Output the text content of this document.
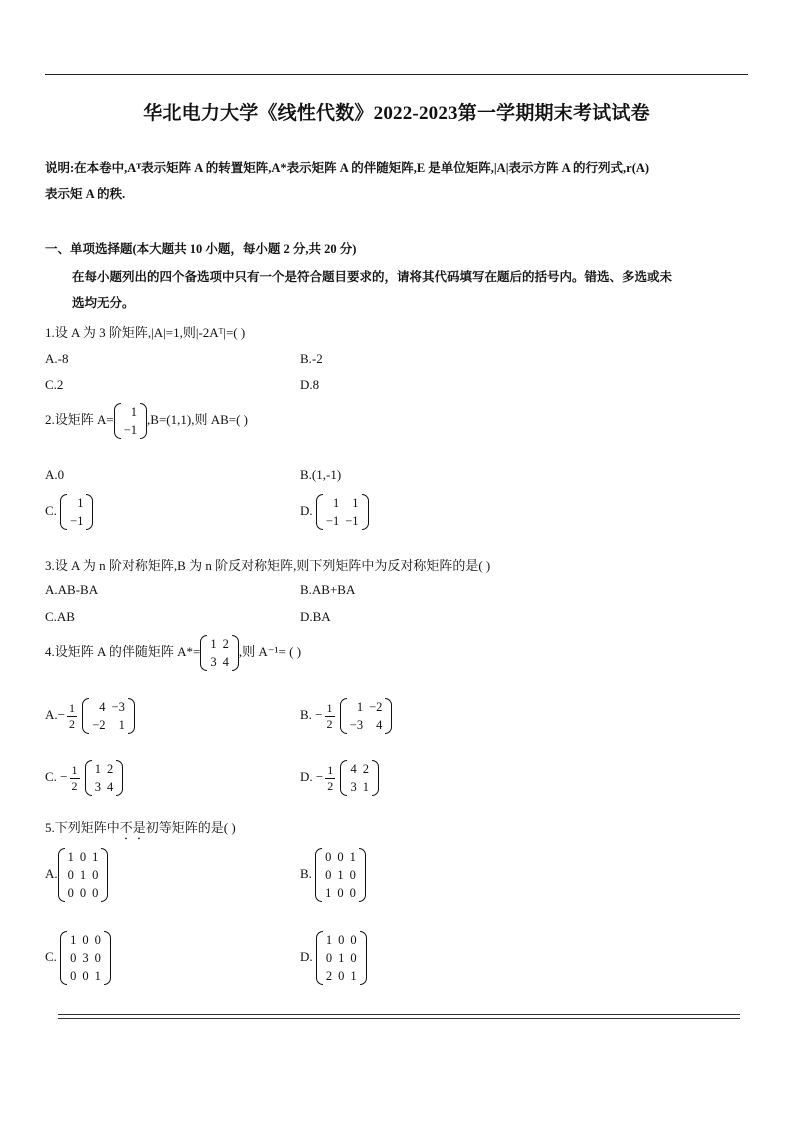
华北电力大学《线性代数》2022-2023第一学期期末考试试卷
说明:在本卷中,Aᵀ表示矩阵 A 的转置矩阵,A*表示矩阵 A 的伴随矩阵,E 是单位矩阵,|A|表示方阵 A 的行列式,r(A)
表示矩 A 的秩.
一、单项选择题(本大题共 10 小题，每小题 2 分,共 20 分)
在每小题列出的四个备选项中只有一个是符合题目要求的，请将其代码填写在题后的括号内。错选、多选或未
选均无分。
1.设 A 为 3 阶矩阵,|A|=1,则|-2Aᵀ|=( )
A.-8	B.-2
C.2	D.8
2.设矩阵 A= 1
−1
,B=(1,1),则 AB=( )
A.0	B.(1,-1)
C. 1
−1
D. 1	1
−1	−1
3.设 A 为 n 阶对称矩阵,B 为 n 阶反对称矩阵,则下列矩阵中为反对称矩阵的是( )
A.AB-BA	B.AB+BA
C.AB	D.BA
4.设矩阵 A 的伴随矩阵 A*= 1	2
3	4
,则 A⁻¹= ( )
$A.- \frac{1}{2}$
4	−3
−2	1
B. − $\frac{1}{2}$
1	−2
−3	4
C. − $\frac{1}{2}$
1	2
3	4
D. − $\frac{1}{2}$
4	2
3	1
5.下列矩阵中不是初等矩阵的是( )
A.
1	0	1
0	1	0
0	0	0
B.
0	0	1
0	1	0
1	0	0
C.
1	0	0
0	3	0
0	0	1
D.
1	0	0
0	1	0
2	0	1
